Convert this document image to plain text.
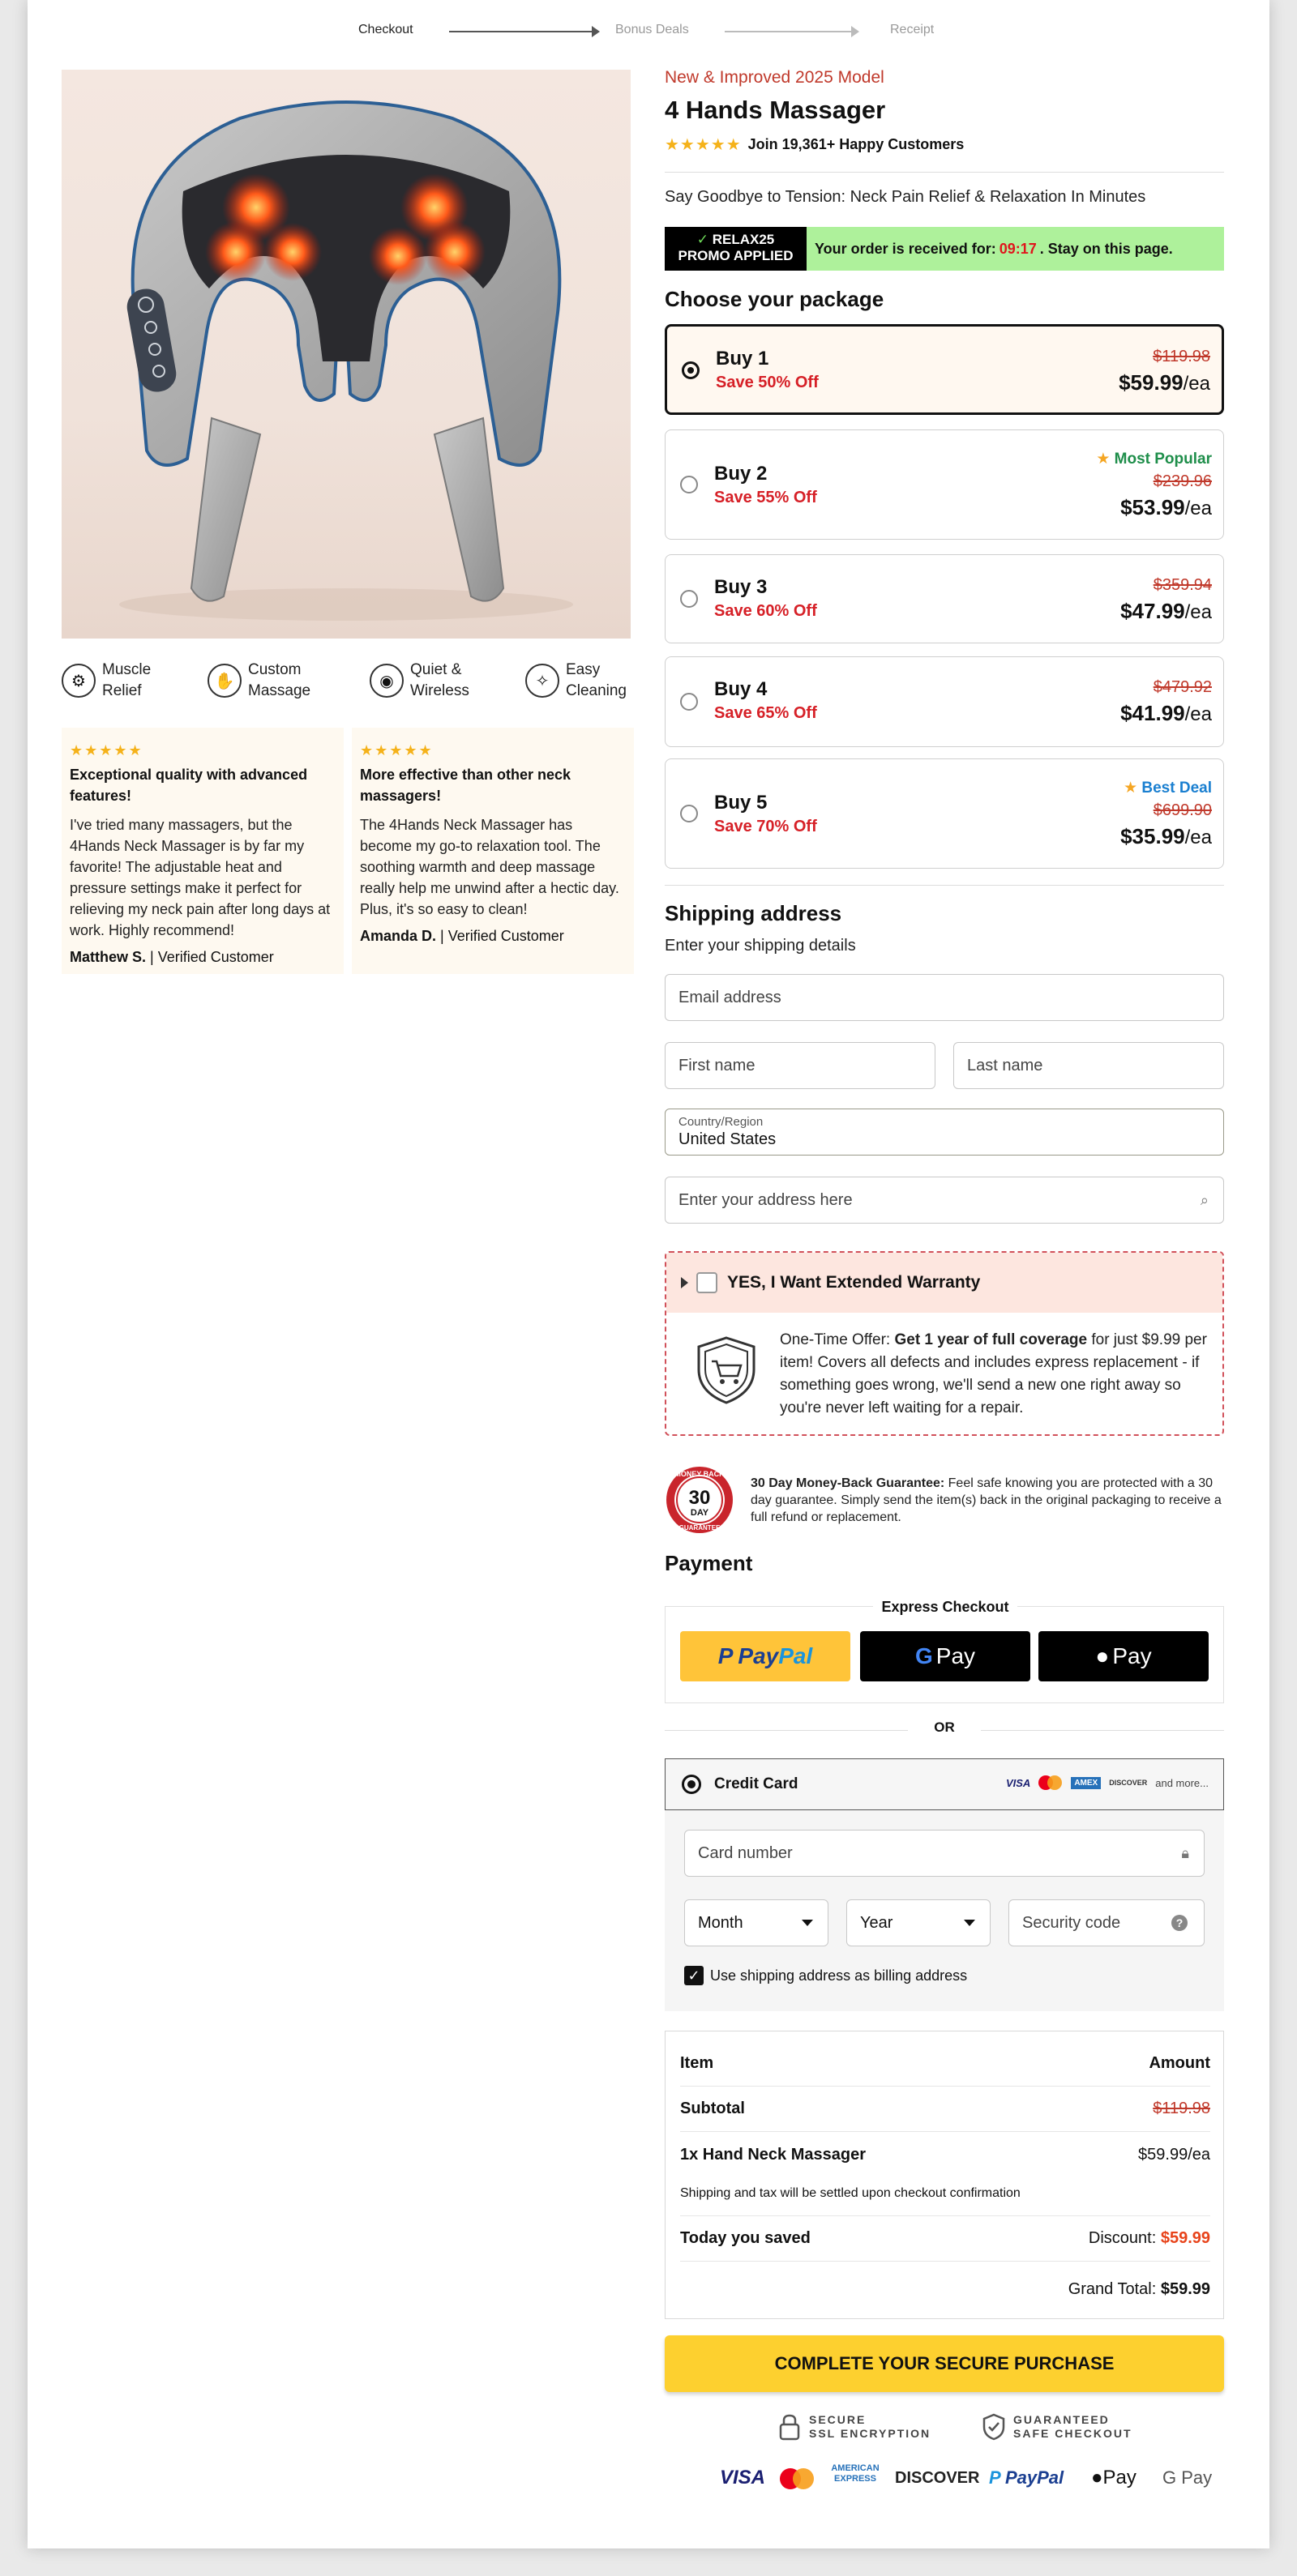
Checkout	Bonus Deals	Receipt
⚙
Muscle
Relief
✋
Custom
Massage
◉
Quiet &
Wireless
✧
Easy
Cleaning
★★★★★
Exceptional quality with advanced features!
I've tried many massagers, but the 4Hands Neck Massager is by far my favorite! The adjustable heat and pressure settings make it perfect for relieving my neck pain after long days at work. Highly recommend!
Matthew S. | Verified Customer
★★★★★
More effective than other neck massagers!
The 4Hands Neck Massager has become my go-to relaxation tool. The soothing warmth and deep massage really help me unwind after a hectic day. Plus, it's so easy to clean!
Amanda D. | Verified Customer
New & Improved 2025 Model
4 Hands Massager
★★★★★ Join 19,361+ Happy Customers
Say Goodbye to Tension: Neck Pain Relief & Relaxation In Minutes
✓ RELAX25
PROMO APPLIED	Your order is received for: 09:17 . Stay on this page.
Choose your package
Buy 1
Save 50% Off
$119.98
$59.99/ea
Buy 2
Save 55% Off
★ Most Popular
$239.96
$53.99/ea
Buy 3
Save 60% Off
$359.94
$47.99/ea
Buy 4
Save 65% Off
$479.92
$41.99/ea
Buy 5
Save 70% Off
★ Best Deal
$699.90
$35.99/ea
Shipping address
Enter your shipping details
Email address
First name	Last name
Country/Region
United States
Enter your address here	⌕
YES, I Want Extended Warranty
One-Time Offer: Get 1 year of full coverage for just $9.99 per item! Covers all defects and includes express replacement - if something goes wrong, we'll send a new one right away so you're never left waiting for a repair.
MONEY BACK
30
DAY
GUARANTEE
30 Day Money-Back Guarantee: Feel safe knowing you are protected with a 30 day guarantee. Simply send the item(s) back in the original packaging to receive a full refund or replacement.
Payment
Express Checkout
P Pay Pal	G Pay	● Pay
OR
Credit Card	VISA	AMEX	DISCOVER and more...
Card number	🔒︎
Month	Year	Security code	?
✓ Use shipping address as billing address
Item	Amount
Subtotal	$119.98
1x Hand Neck Massager	$59.99/ea
Shipping and tax will be settled upon checkout confirmation
Today you saved	Discount: $59.99
Grand Total: $59.99
COMPLETE YOUR SECURE PURCHASE
SECURE
SSL ENCRYPTION
GUARANTEED
SAFE CHECKOUT
VISA	AMERICAN EXPRESS	DISCOVER P PayPal ●Pay G Pay
